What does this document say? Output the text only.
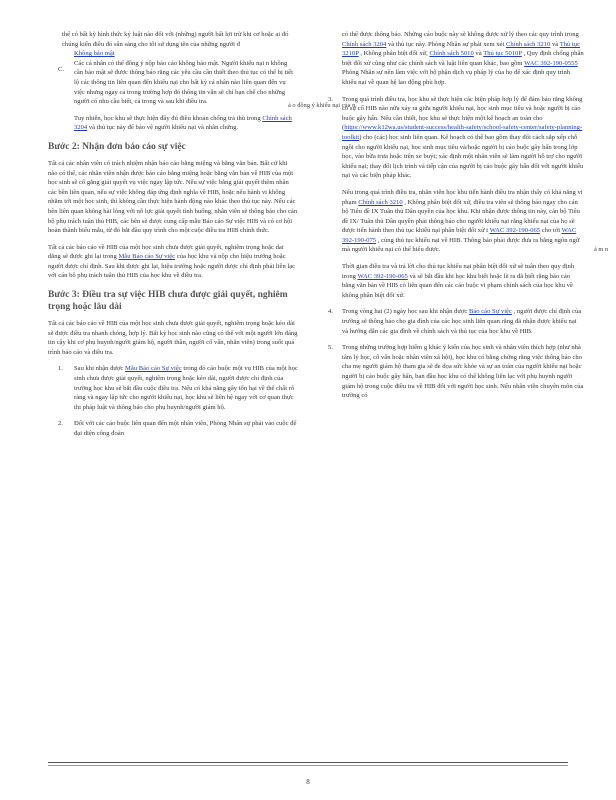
thể có bất kỳ hình thức kỷ luật nào đối với (những) người bất lợi trừ khi cơ hoặc ai đó chúng kiến điều đó sẵn sàng cho tôi sử dụng tên của những người đ

C.

Không bảo mật

Các cá nhân có thể đồng ý nộp báo cáo không bảo mật. Người khiếu nại n không cần bảo mật sẽ được thông báo rằng các yêu cầu cần thiết theo thủ tục có thể bị tiết lộ các thông tin liên quan đến khiếu nại cho bất kỳ cá nhân nào liên quan đến vụ việc nhưng ngay cả trong trường hợp đó thông tin vẫn sẽ chỉ bạn chế cho những người có nhu cầu biết, cả trong và sau khi điều tra.

Tuy nhiên, học khu sẽ thực hiện đầy đủ điều khoản chống trả thù trong Chính sách 3204 và thủ tục này để bảo vệ người khiếu nại và nhân chứng.

Bước 2: Nhận đơn báo cáo sự việc

Tất cả các nhân viên có trách nhiệm nhận báo cáo bằng miệng và bằng văn bản. Bất cứ khi nào có thể, các nhân viên nhận được báo cáo bằng miệng hoặc bằng văn bản về HIB của một học sinh sẽ cố gắng giải quyết vụ việc ngay lập tức. Nếu sự việc bằng giải quyết thêm nhân các bên liên quan, nếu sự việc không đáp ứng định nghĩa về HIB, hoặc nếu hành vi không nhằm tới một học sinh, thì không cần thực hiện hành động nào khác theo thủ tục này. Nếu các bên liên quan không hài lòng với nỗ lực giải quyết tình huống, nhân viên sẽ thông báo cho cán bộ phụ trách tuân thủ HIB, các bên sẽ được cung cấp mẫu Báo cáo Sự việc HIB và có cơ hội hoàn thành biểu mẫu, từ đó bắt đầu quy trình cho một cuộc điều tra HIB chính thức.

Tất cả các báo cáo về HIB của một học sinh chưa được giải quyết, nghiêm trọng hoặc dai dẳng sẽ được ghi lại trong Mẫu Báo cáo Sự việc của học khu và nộp cho hiệu trưởng hoặc người được chỉ định. Sau khi được ghi lại, hiệu trưởng hoặc người được chỉ định phải liên lạc với cán bộ phụ trách tuân thủ HIB của học khu về điều tra.

Bước 3: Điều tra sự việc HIB chưa được giải quyết, nghiêm trọng hoặc lâu dài

Tất cả các báo cáo về HIB của một học sinh chưa được giải quyết, nghiêm trọng hoặc kéo dài sẽ được điều tra nhanh chóng, hợp lý. Bất kỳ học sinh nào cũng có thể với một người lớn đáng tin cậy khi cơ phụ huynh/người giám hộ, người thân, người cố vấn, nhân viên) trong suốt quá trình báo cáo và điều tra.

1. Sau khi nhận được Mẫu Báo cáo Sự việc trong đó cáo buộc một vụ HIB của một học sinh chưa được giải quyết, nghiêm trọng hoặc kéo dài, người được chỉ định của trường học khu sẽ bắt đầu cuộc điều tra. Nếu có khả năng gây tổn hại về thể chất rõ ràng và ngay lập tức cho người khiếu nại, học khu sẽ liên hệ ngay với cơ quan thực thi pháp luật và thông báo cho phụ huynh/người giám hộ.

2. Đối với các cáo buộc liên quan đến một nhân viên, Phòng Nhân sự phải vào cuộc để đại diện công đoàn

có thể được thông báo. Những cáo buộc này sẽ không được xử lý theo các quy trình trong Chính sách 3204 và thủ tục này. Phòng Nhân sự phải xem xét Chính sách 3210 và Thủ tục 3210P , Không phân biệt đối xử, Chính sách 5010 và Thủ tục 5010P , Quy định chống phân biệt đối xử cũng như các chính sách và luật liên quan khác, bao gồm WAC 392-190-0555 Phòng Nhân sự nên làm việc với bộ phận dịch vụ pháp lý của họ để xác định quy trình khiếu nại về quan hệ lao động phù hợp.

3. Trong quá trình điều tra, học khu sẽ thực hiện các biện pháp hợp lý để đảm bảo rằng không có sự cố HIB nào nữa xảy ra giữa người khiếu nại, học sinh mục tiêu và hoặc người bị cáo buộc gây hấn. Nếu cần thiết, học khu sẽ thực hiện một kế hoạch an toàn cho (https://www.k12wa.us/student-success/health-safety/school-safety-center/safety-planning-toolkit) cho (các) học sinh liên quan. Kế hoạch có thể bao gồm thay đổi cách sắp xếp chỗ ngồi cho người khiếu nại, học sinh mục tiêu và/hoặc người bị cáo buộc gây hấn trong lớp học, vào bữa trưa hoặc trên xe buýt; xác định một nhân viên sẽ làm người hỗ trợ cho người khiếu nại; thay đổi lịch trình và tiếp cận của người bị cáo buộc gây hấn đối với người khiếu nại và các biện pháp khác.

Nếu trong quá trình điều tra, nhân viên học khu tiến hành điều tra nhận thấy có khả năng vi phạm Chính sách 3210 , Không phân biệt đối xử, điều tra viên sẽ thông báo ngay cho cán bộ Tiêu đề IX Tuân thủ Dân quyền của học khu. Khi nhận được thông tin này, cán bộ Tiêu đề IX/ Tuân thủ Dân quyền phải thông báo cho người khiếu nại rằng khiếu nại của họ sẽ được tiến hành theo thủ tục khiếu nại phân biệt đối xử t WAC 392-190-065 cho tới WAC 392-190-075 , cùng thủ tục khiếu nại về HIB. Thông báo phải được đưa ra bằng ngôn ngữ mà người khiếu nại có thể hiểu được.

Thời gian điều tra và trả lời cho thủ tục khiếu nại phân biệt đối xử sẽ tuân theo quy định trong WAC 392-190-065 và sẽ bắt đầu khi học khu biết hoặc lẽ ra đã biết rằng báo cáo bằng văn bản về HIB có liên quan đến các cáo buộc vi phạm chính sách của học khu về không phân biệt đối xử.

4. Trong vòng hai (2) ngày học sau khi nhận được Báo cáo Sự việc , người được chỉ định của trường sẽ thông báo cho gia đình của các học sinh liên quan rằng đã nhận được khiếu nại và hướng dẫn các gia đình về chính sách và thủ tục của học khu về HIB.

5. Trong những trường hợp hiếm g khác ý kiến của học sinh và nhân viên thích hợp (như nhà tâm lý học, cố vấn hoặc nhân viên xã hội), học khu có bằng chứng rằng việc thông báo cho cha mẹ người giám hộ tham gia sẽ đe dọa sức khỏe và sự an toàn của người khiếu nại hoặc người bị cáo buộc gây hấn, ban đầu học khu có thể không liên lạc với phụ huynh người giám hộ trong cuộc điều tra về HIB đối với người học sinh. Nếu nhân viên chuyên môn của trường có

ả o đồng ý khiếu nại của n
ả m n
8
